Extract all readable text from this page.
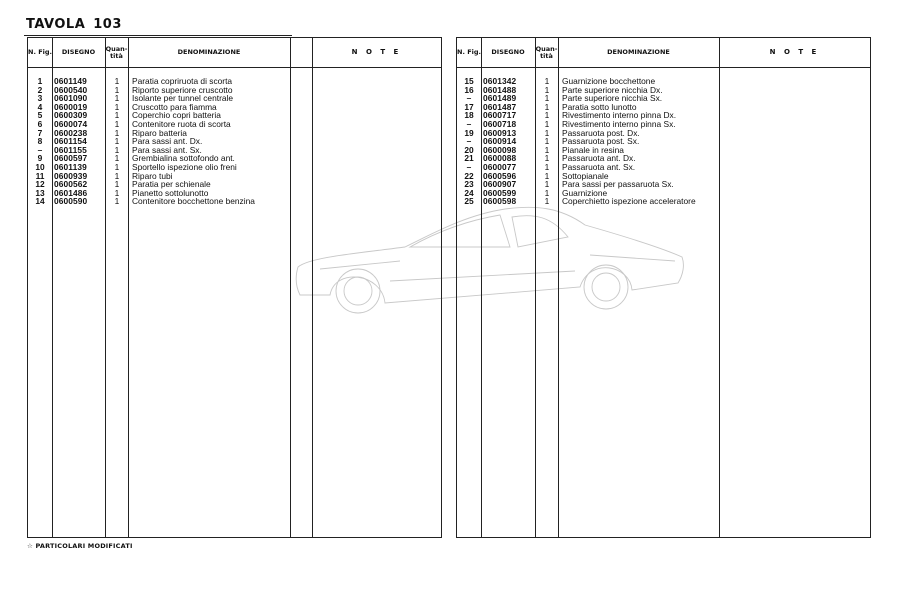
TAVOLA 103
N. Fig.	DISEGNO	Quan- tità	DENOMINAZIONE	N O T E
1	0601149	1	Paratia copriruota di scorta
2	0600540	1	Riporto superiore cruscotto
3	0601090	1	Isolante per tunnel centrale
4	0600019	1	Cruscotto para fiamma
5	0600309	1	Coperchio copri batteria
6	0600074	1	Contenitore ruota di scorta
7	0600238	1	Riparo batteria
8	0601154	1	Para sassi ant. Dx.
–	0601155	1	Para sassi ant. Sx.
9	0600597	1	Grembialina sottofondo ant.
10	0601139	1	Sportello ispezione olio freni
11	0600939	1	Riparo tubi
12	0600562	1	Paratia per schienale
13	0601486	1	Pianetto sottolunotto
14	0600590	1	Contenitore bocchettone benzina
N. Fig.	DISEGNO	Quan- tità	DENOMINAZIONE	N O T E
15	0601342	1	Guarnizione bocchettone
16	0601488	1	Parte superiore nicchia Dx.
–	0601489	1	Parte superiore nicchia Sx.
17	0601487	1	Paratia sotto lunotto
18	0600717	1	Rivestimento interno pinna Dx.
–	0600718	1	Rivestimento interno pinna Sx.
19	0600913	1	Passaruota post. Dx.
–	0600914	1	Passaruota post. Sx.
20	0600098	1	Pianale in resina
21	0600088	1	Passaruota ant. Dx.
–	0600077	1	Passaruota ant. Sx.
22	0600596	1	Sottopianale
23	0600907	1	Para sassi per passaruota Sx.
24	0600599	1	Guarnizione
25	0600598	1	Coperchietto ispezione acceleratore
☆ PARTICOLARI MODIFICATI
